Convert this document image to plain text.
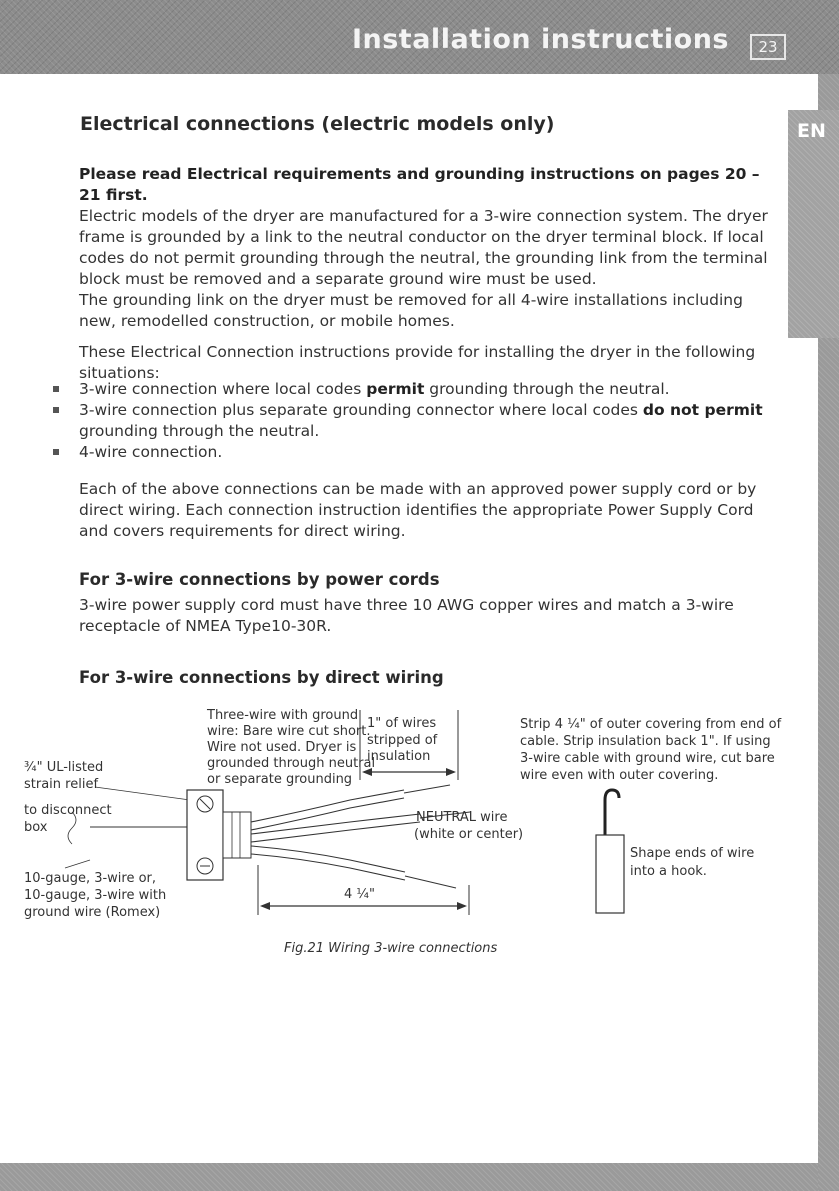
Installation instructions	23
EN
Electrical connections (electric models only)

Please read Electrical requirements and grounding instructions on pages 20 – 21 first.

Electric models of the dryer are manufactured for a 3-wire connection system. The dryer frame is grounded by a link to the neutral conductor on the dryer terminal block. If local codes do not permit grounding through the neutral, the grounding link from the terminal block must be removed and a separate ground wire must be used.

The grounding link on the dryer must be removed for all 4-wire installations including new, remodelled construction, or mobile homes.

These Electrical Connection instructions provide for installing the dryer in the following situations:

3-wire connection where local codes permit grounding through the neutral.

3-wire connection plus separate grounding connector where local codes do not permit grounding through the neutral.

4-wire connection.

Each of the above connections can be made with an approved power supply cord or by direct wiring. Each connection instruction identifies the appropriate Power Supply Cord and covers requirements for direct wiring.

For 3-wire connections by power cords
3-wire power supply cord must have three 10 AWG copper wires and match a 3-wire receptacle of NMEA Type10-30R.
For 3-wire connections by direct wiring
Three-wire with ground
wire: Bare wire cut short.
Wire not used. Dryer is
grounded through neutral
or separate grounding
1" of wires
stripped of
insulation
¾" UL-listed
strain relief
to disconnect
box
NEUTRAL wire
(white or center)
10-gauge, 3-wire or,
10-gauge, 3-wire with
ground wire (Romex)
4 ¼"
Strip 4 ¼" of outer covering from end of
cable. Strip insulation back 1". If using
3-wire cable with ground wire, cut bare
wire even with outer covering.
Shape ends of wire
into a hook.
Fig.21 Wiring 3-wire connections
